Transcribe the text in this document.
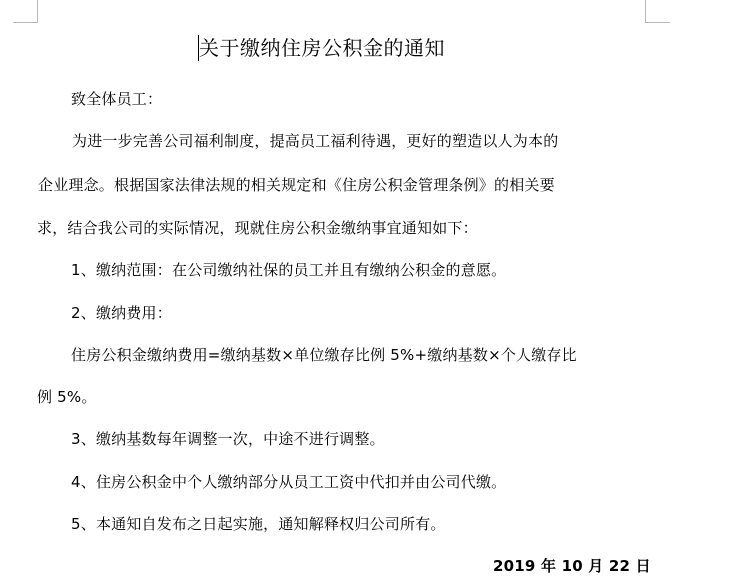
关于缴纳住房公积金的通知
致全体员工：
为进一步完善公司福利制度，提高员工福利待遇，更好的塑造以人为本的
企业理念。根据国家法律法规的相关规定和《住房公积金管理条例》的相关要
求，结合我公司的实际情况，现就住房公积金缴纳事宜通知如下：
1、缴纳范围：在公司缴纳社保的员工并且有缴纳公积金的意愿。
2、缴纳费用：
住房公积金缴纳费用=缴纳基数×单位缴存比例 5%+缴纳基数×个人缴存比
例 5%。
3、缴纳基数每年调整一次，中途不进行调整。
4、住房公积金中个人缴纳部分从员工工资中代扣并由公司代缴。
5、本通知自发布之日起实施，通知解释权归公司所有。
2019 年 10 月 22 日
